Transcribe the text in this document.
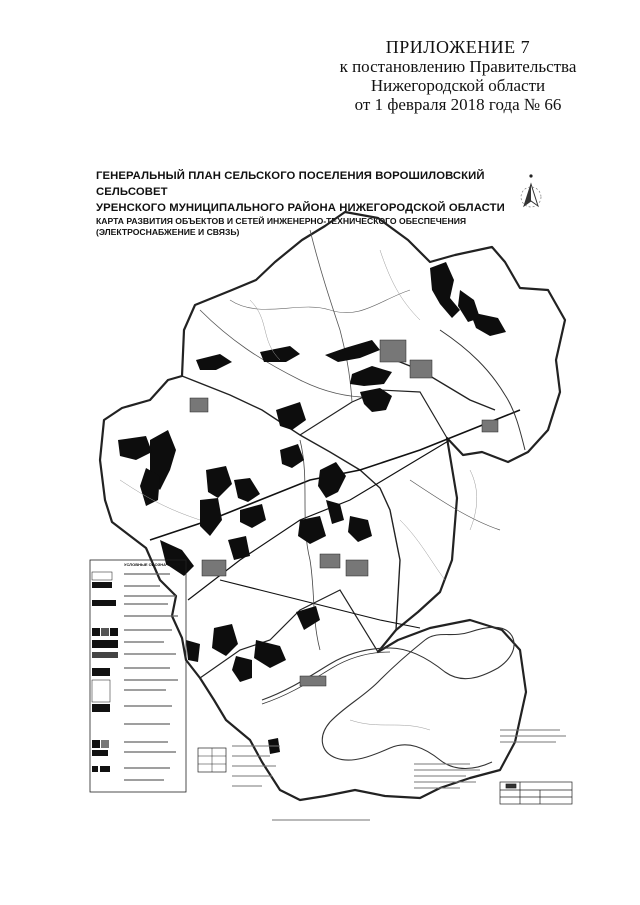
ПРИЛОЖЕНИЕ 7
к постановлению Правительства
Нижегородской области
от 1 февраля 2018 года № 66
ГЕНЕРАЛЬНЫЙ ПЛАН СЕЛЬСКОГО ПОСЕЛЕНИЯ ВОРОШИЛОВСКИЙ СЕЛЬСОВЕТ
УРЕНСКОГО МУНИЦИПАЛЬНОГО РАЙОНА НИЖЕГОРОДСКОЙ ОБЛАСТИ
КАРТА РАЗВИТИЯ ОБЪЕКТОВ И СЕТЕЙ ИНЖЕНЕРНО-ТЕХНИЧЕСКОГО ОБЕСПЕЧЕНИЯ
(ЭЛЕКТРОСНАБЖЕНИЕ И СВЯЗЬ)
УСЛОВНЫЕ ОБОЗНАЧЕНИЯ
